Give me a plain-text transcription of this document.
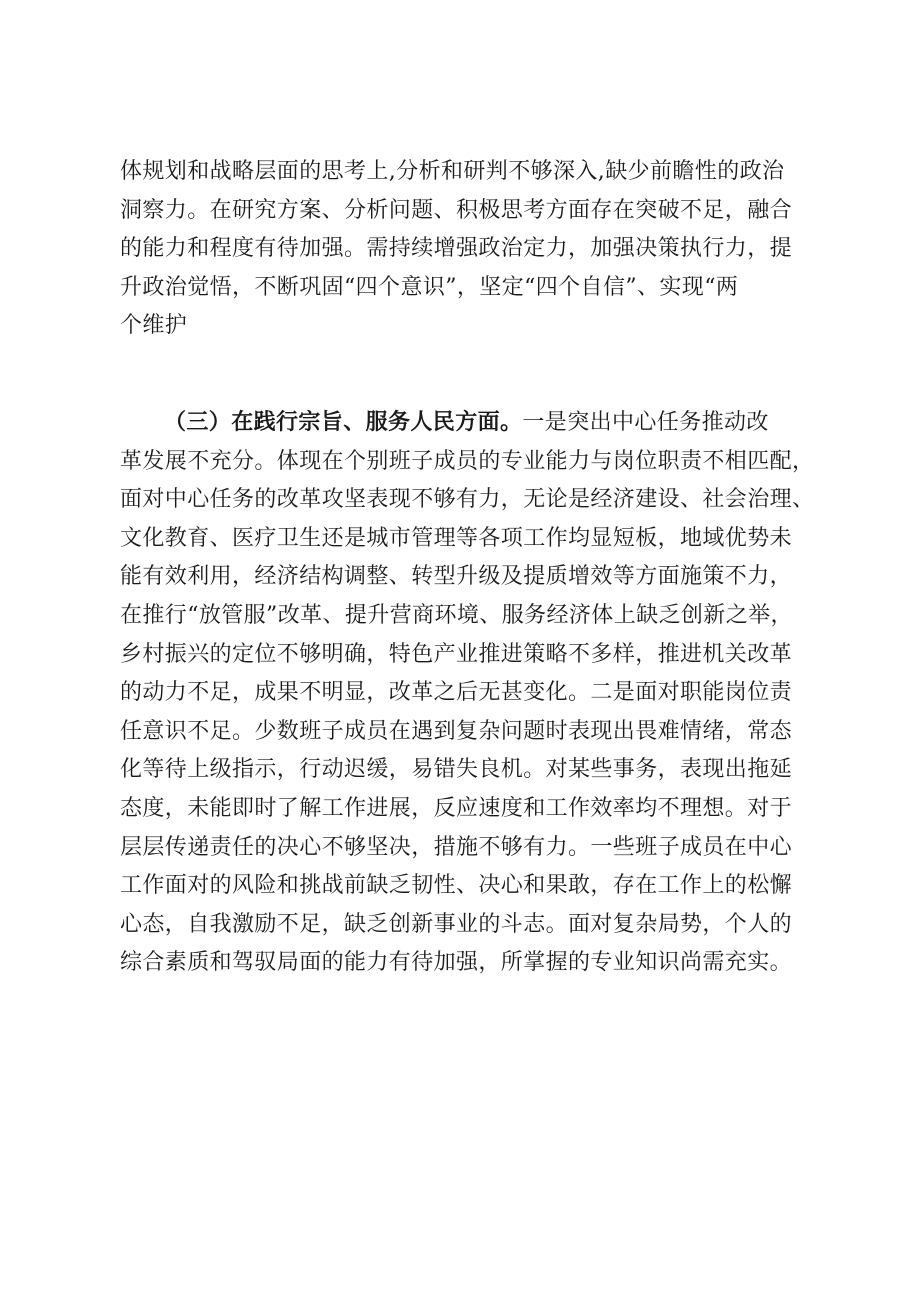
体规划和战略层面的思考上,分析和研判不够深入,缺少前瞻性的政治
洞察力。在研究方案、分析问题、积极思考方面存在突破不足，融合
的能力和程度有待加强。需持续增强政治定力，加强决策执行力，提
升政治觉悟，不断巩固“四个意识”，坚定“四个自信”、实现“两
个维护
（三）在践行宗旨、服务人民方面。一是突出中心任务推动改
革发展不充分。体现在个别班子成员的专业能力与岗位职责不相匹配，
面对中心任务的改革攻坚表现不够有力，无论是经济建设、社会治理、
文化教育、医疗卫生还是城市管理等各项工作均显短板，地域优势未
能有效利用，经济结构调整、转型升级及提质增效等方面施策不力，
在推行“放管服”改革、提升营商环境、服务经济体上缺乏创新之举，
乡村振兴的定位不够明确，特色产业推进策略不多样，推进机关改革
的动力不足，成果不明显，改革之后无甚变化。二是面对职能岗位责
任意识不足。少数班子成员在遇到复杂问题时表现出畏难情绪，常态
化等待上级指示，行动迟缓，易错失良机。对某些事务，表现出拖延
态度，未能即时了解工作进展，反应速度和工作效率均不理想。对于
层层传递责任的决心不够坚决，措施不够有力。一些班子成员在中心
工作面对的风险和挑战前缺乏韧性、决心和果敢，存在工作上的松懈
心态，自我激励不足，缺乏创新事业的斗志。面对复杂局势，个人的
综合素质和驾驭局面的能力有待加强，所掌握的专业知识尚需充实。
